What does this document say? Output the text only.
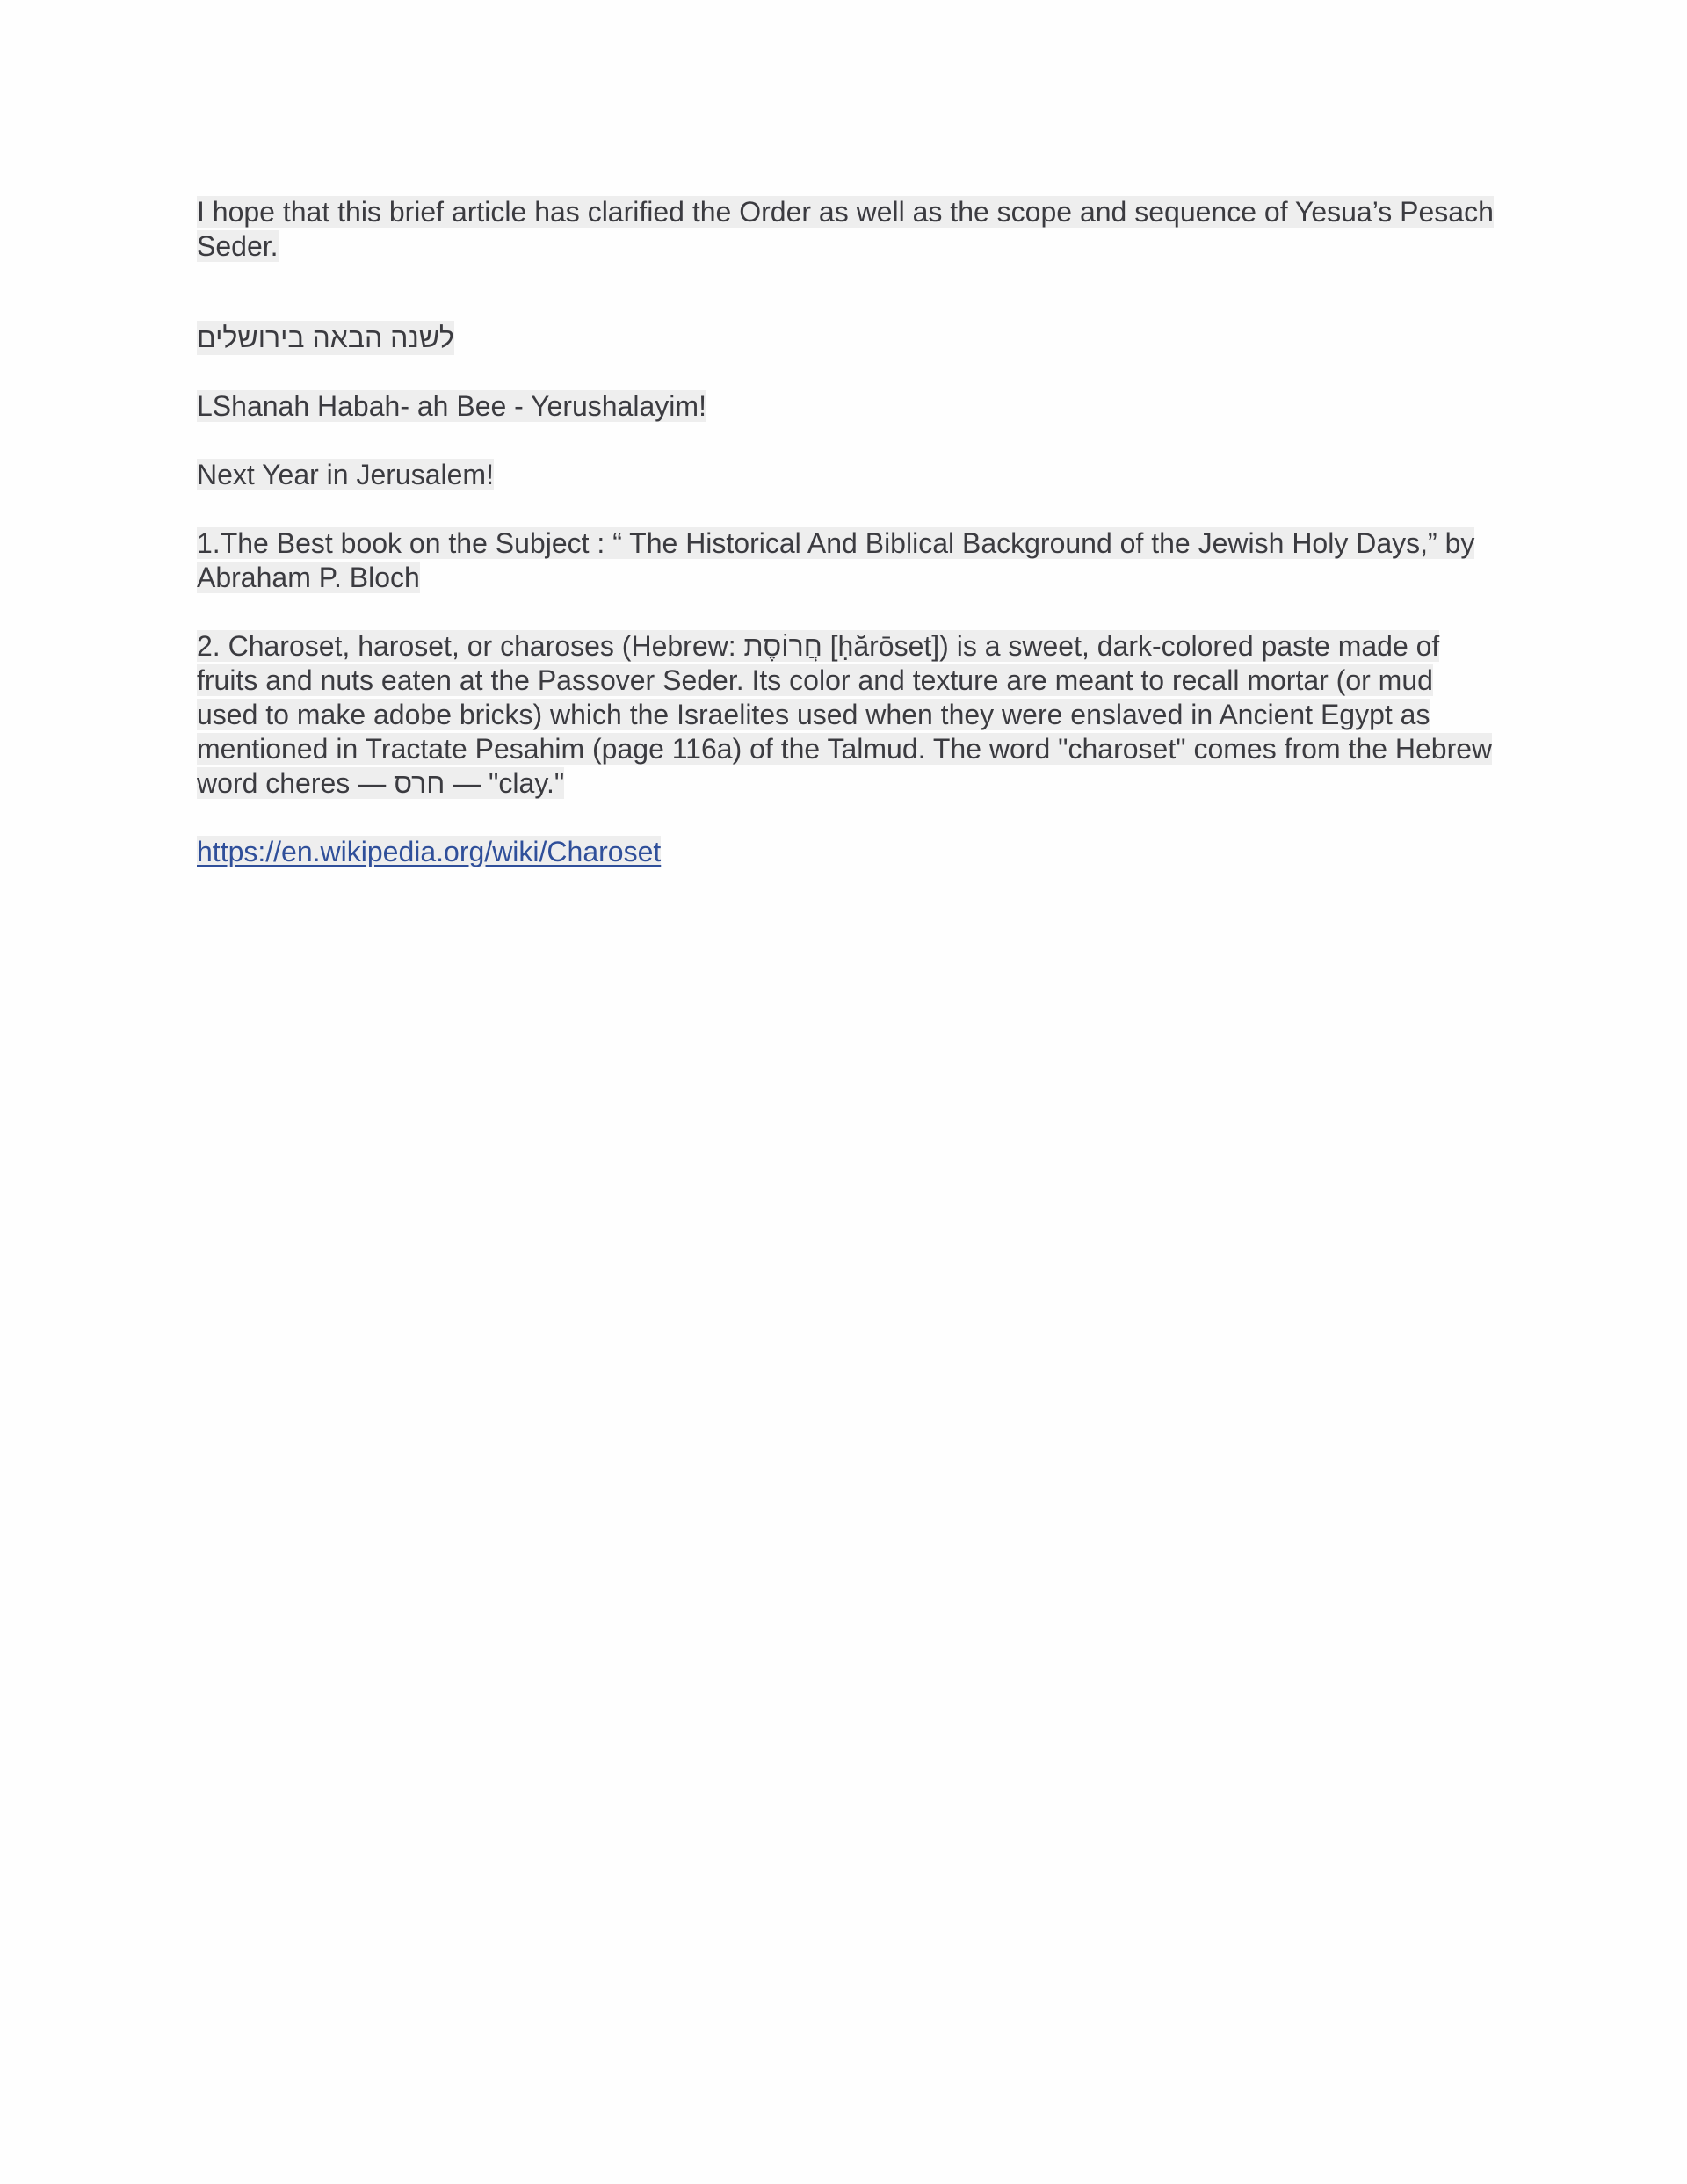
I hope that this brief article has clarified the Order as well as the scope and sequence of Yesua’s Pesach Seder.

לשנה הבאה בירושלים

LShanah Habah- ah Bee - Yerushalayim!

Next Year in Jerusalem!

1.The Best book on the Subject : “ The Historical And Biblical Background of the Jewish Holy Days,” by Abraham P. Bloch

2. Charoset, haroset, or charoses (Hebrew: חֲרוֹסֶת [ḥărōset]) is a sweet, dark-colored paste made of fruits and nuts eaten at the Passover Seder. Its color and texture are meant to recall mortar (or mud used to make adobe bricks) which the Israelites used when they were enslaved in Ancient Egypt as mentioned in Tractate Pesahim (page 116a) of the Talmud. The word "charoset" comes from the Hebrew word cheres — חרס — "clay."

https://en.wikipedia.org/wiki/Charoset
